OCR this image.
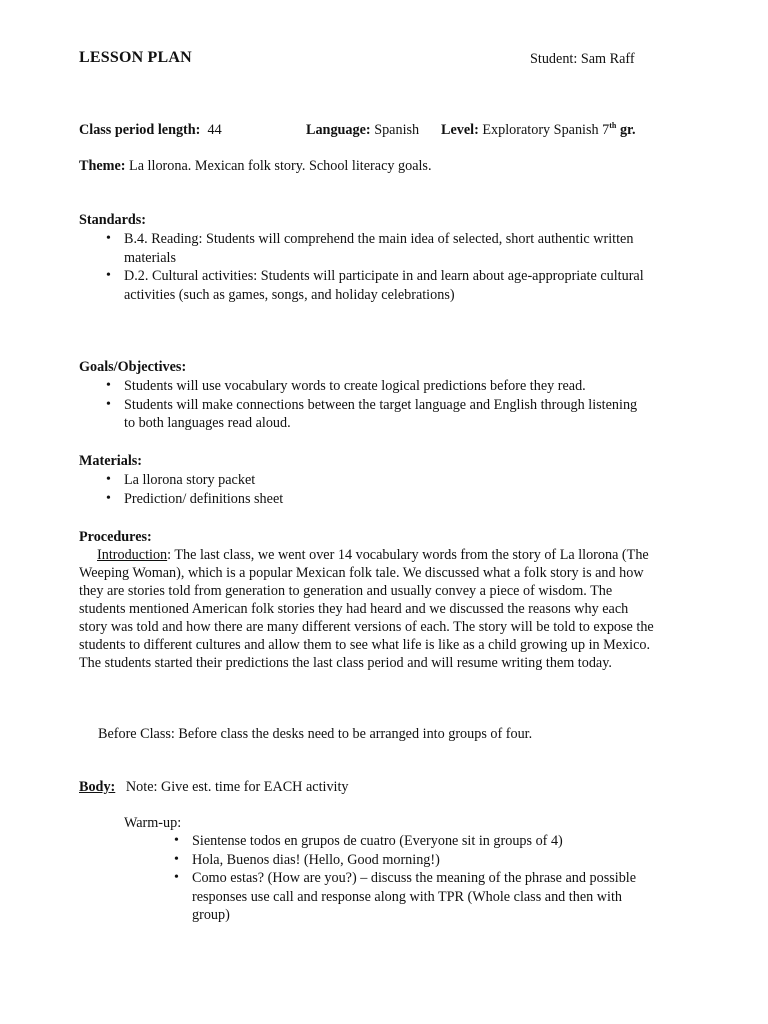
LESSON PLAN	Student: Sam Raff
Class period length: 44	Language: Spanish Level: Exploratory Spanish 7th gr.
Theme: La llorona. Mexican folk story. School literacy goals.
Standards:
• B.4. Reading: Students will comprehend the main idea of selected, short authentic written materials
• D.2. Cultural activities: Students will participate in and learn about age-appropriate cultural activities (such as games, songs, and holiday celebrations)
Goals/Objectives:
• Students will use vocabulary words to create logical predictions before they read.
• Students will make connections between the target language and English through listening to both languages read aloud.
Materials:
• La llorona story packet
• Prediction/ definitions sheet
Procedures:
Introduction: The last class, we went over 14 vocabulary words from the story of La llorona (The Weeping Woman), which is a popular Mexican folk tale. We discussed what a folk story is and how they are stories told from generation to generation and usually convey a piece of wisdom. The students mentioned American folk stories they had heard and we discussed the reasons why each story was told and how there are many different versions of each. The story will be told to expose the students to different cultures and allow them to see what life is like as a child growing up in Mexico. The students started their predictions the last class period and will resume writing them today.
Before Class: Before class the desks need to be arranged into groups of four.
Body: Note: Give est. time for EACH activity
Warm-up:
• Sientense todos en grupos de cuatro (Everyone sit in groups of 4)
• Hola, Buenos dias! (Hello, Good morning!)
• Como estas? (How are you?) – discuss the meaning of the phrase and possible responses use call and response along with TPR (Whole class and then with group)
